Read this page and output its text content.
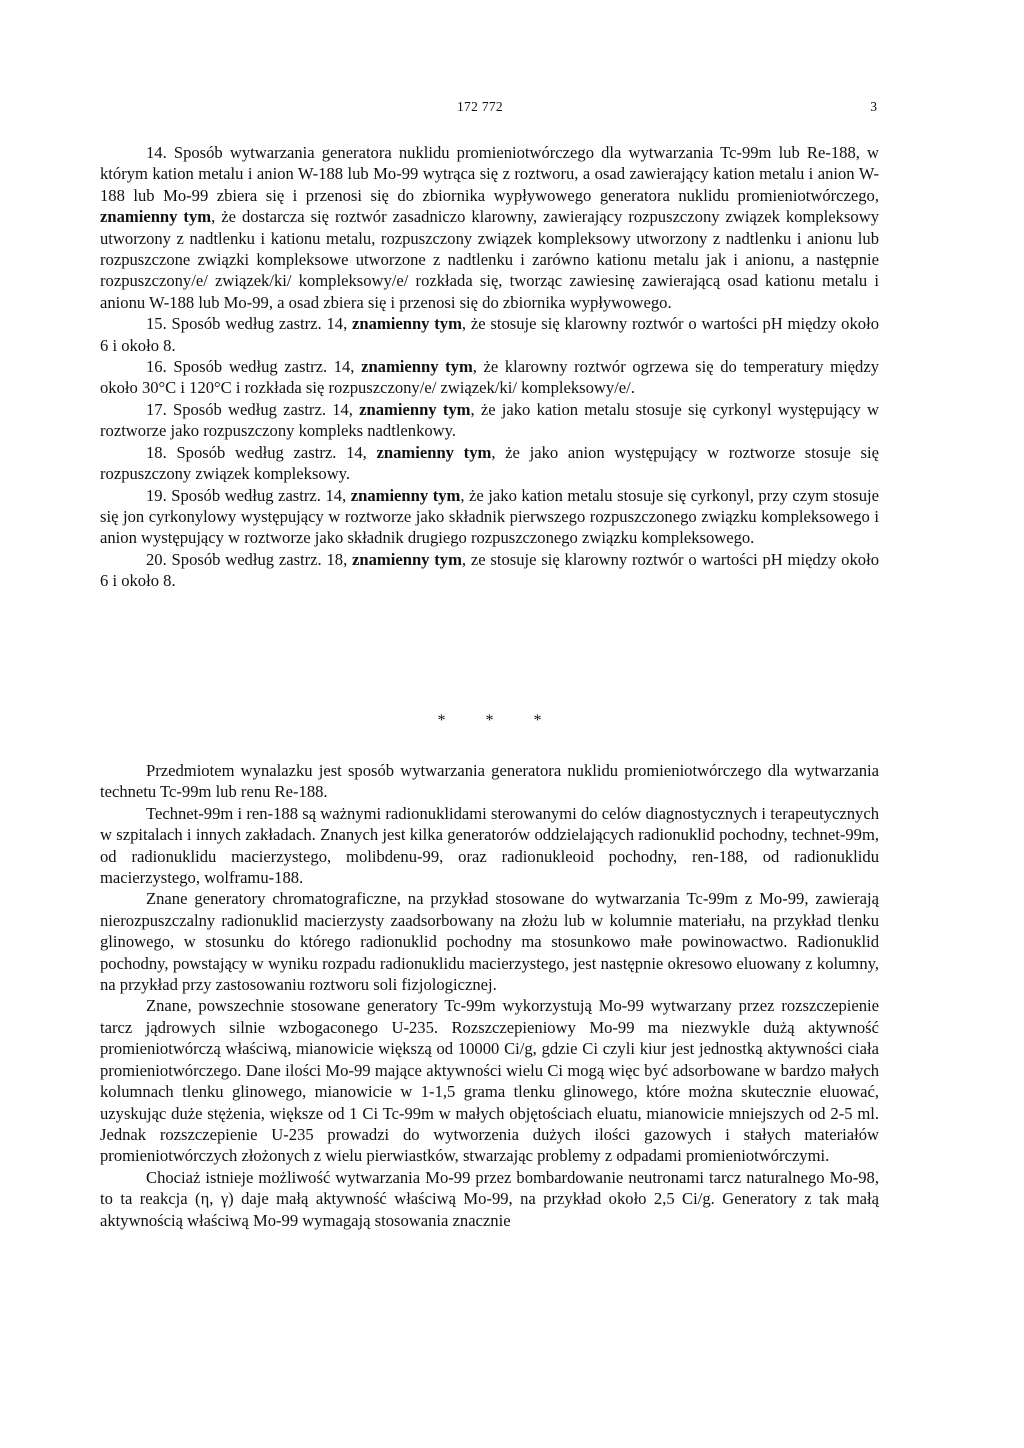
172 772	3

14. Sposób wytwarzania generatora nuklidu promieniotwórczego dla wytwarzania Tc-99m lub Re-188, w którym kation metalu i anion W-188 lub Mo-99 wytrąca się z roztworu, a osad zawierający kation metalu i anion W-188 lub Mo-99 zbiera się i przenosi się do zbiornika wypływowego generatora nuklidu promieniotwórczego, znamienny tym, że dostarcza się roztwór zasadniczo klarowny, zawierający rozpuszczony związek kompleksowy utworzony z nadtlenku i kationu metalu, rozpuszczony związek kompleksowy utworzony z nadtlenku i anionu lub rozpuszczone związki kompleksowe utworzone z nadtlenku i zarówno kationu metalu jak i anionu, a następnie rozpuszczony/e/ związek/ki/ kompleksowy/e/ rozkłada się, tworząc zawiesinę zawierającą osad kationu metalu i anionu W-188 lub Mo-99, a osad zbiera się i przenosi się do zbiornika wypływowego.

15. Sposób według zastrz. 14, znamienny tym, że stosuje się klarowny roztwór o wartości pH między około 6 i około 8.

16. Sposób według zastrz. 14, znamienny tym, że klarowny roztwór ogrzewa się do temperatury między około 30°C i 120°C i rozkłada się rozpuszczony/e/ związek/ki/ kompleksowy/e/.

17. Sposób według zastrz. 14, znamienny tym, że jako kation metalu stosuje się cyrkonyl występujący w roztworze jako rozpuszczony kompleks nadtlenkowy.

18. Sposób według zastrz. 14, znamienny tym, że jako anion występujący w roztworze stosuje się rozpuszczony związek kompleksowy.

19. Sposób według zastrz. 14, znamienny tym, że jako kation metalu stosuje się cyrkonyl, przy czym stosuje się jon cyrkonylowy występujący w roztworze jako składnik pierwszego rozpuszczonego związku kompleksowego i anion występujący w roztworze jako składnik drugiego rozpuszczonego związku kompleksowego.

20. Sposób według zastrz. 18, znamienny tym, ze stosuje się klarowny roztwór o wartości pH między około 6 i około 8.

* * *

Przedmiotem wynalazku jest sposób wytwarzania generatora nuklidu promieniotwórczego dla wytwarzania technetu Tc-99m lub renu Re-188.

Technet-99m i ren-188 są ważnymi radionuklidami sterowanymi do celów diagnostycznych i terapeutycznych w szpitalach i innych zakładach. Znanych jest kilka generatorów oddzielających radionuklid pochodny, technet-99m, od radionuklidu macierzystego, molibdenu-99, oraz radionukleoid pochodny, ren-188, od radionuklidu macierzystego, wolframu-188.

Znane generatory chromatograficzne, na przykład stosowane do wytwarzania Tc-99m z Mo-99, zawierają nierozpuszczalny radionuklid macierzysty zaadsorbowany na złożu lub w kolumnie materiału, na przykład tlenku glinowego, w stosunku do którego radionuklid pochodny ma stosunkowo małe powinowactwo. Radionuklid pochodny, powstający w wyniku rozpadu radionuklidu macierzystego, jest następnie okresowo eluowany z kolumny, na przykład przy zastosowaniu roztworu soli fizjologicznej.

Znane, powszechnie stosowane generatory Tc-99m wykorzystują Mo-99 wytwarzany przez rozszczepienie tarcz jądrowych silnie wzbogaconego U-235. Rozszczepieniowy Mo-99 ma niezwykle dużą aktywność promieniotwórczą właściwą, mianowicie większą od 10000 Ci/g, gdzie Ci czyli kiur jest jednostką aktywności ciała promieniotwórczego. Dane ilości Mo-99 mające aktywności wielu Ci mogą więc być adsorbowane w bardzo małych kolumnach tlenku glinowego, mianowicie w 1-1,5 grama tlenku glinowego, które można skutecznie eluować, uzyskując duże stężenia, większe od 1 Ci Tc-99m w małych objętościach eluatu, mianowicie mniejszych od 2-5 ml. Jednak rozszczepienie U-235 prowadzi do wytworzenia dużych ilości gazowych i stałych materiałów promieniotwórczych złożonych z wielu pierwiastków, stwarzając problemy z odpadami promieniotwórczymi.

Chociaż istnieje możliwość wytwarzania Mo-99 przez bombardowanie neutronami tarcz naturalnego Mo-98, to ta reakcja (η, γ) daje małą aktywność właściwą Mo-99, na przykład około 2,5 Ci/g. Generatory z tak małą aktywnością właściwą Mo-99 wymagają stosowania znacznie
